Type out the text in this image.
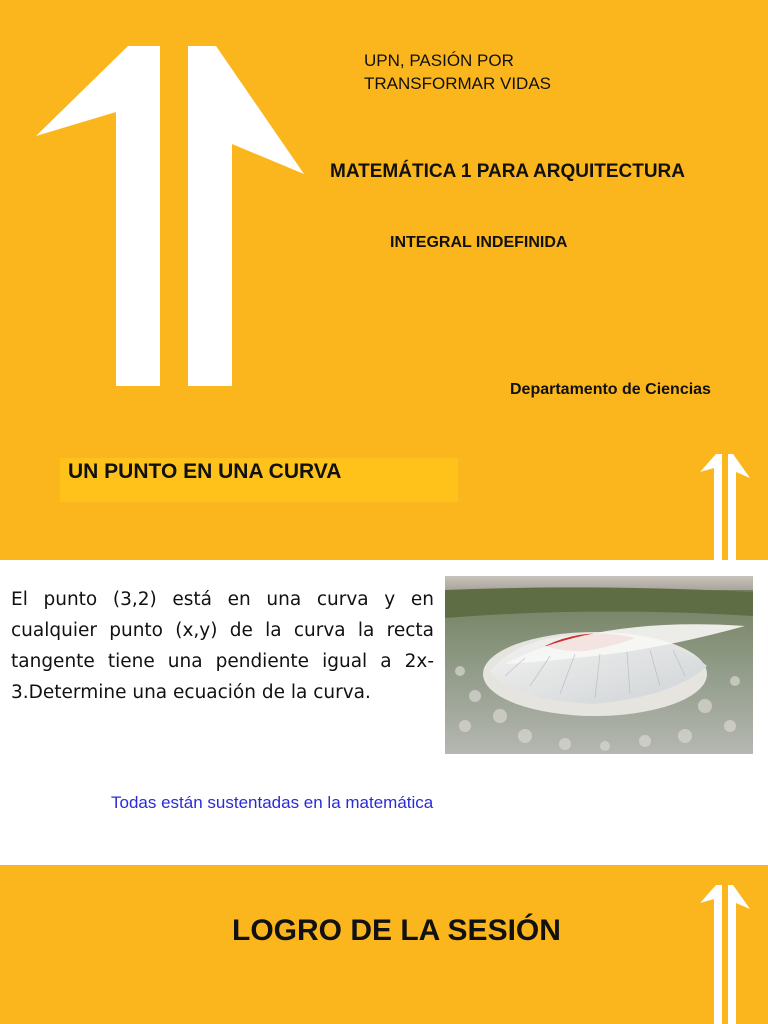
UPN, PASIÓN POR
TRANSFORMAR VIDAS
MATEMÁTICA 1 PARA ARQUITECTURA
INTEGRAL INDEFINIDA
Departamento de Ciencias
UN PUNTO EN UNA CURVA
El punto (3,2) está en una curva y en cualquier punto (x,y) de la curva la recta tangente tiene una pendiente igual a 2x-3.Determine una ecuación de la curva.
Todas están sustentadas en la matemática
LOGRO DE LA SESIÓN
